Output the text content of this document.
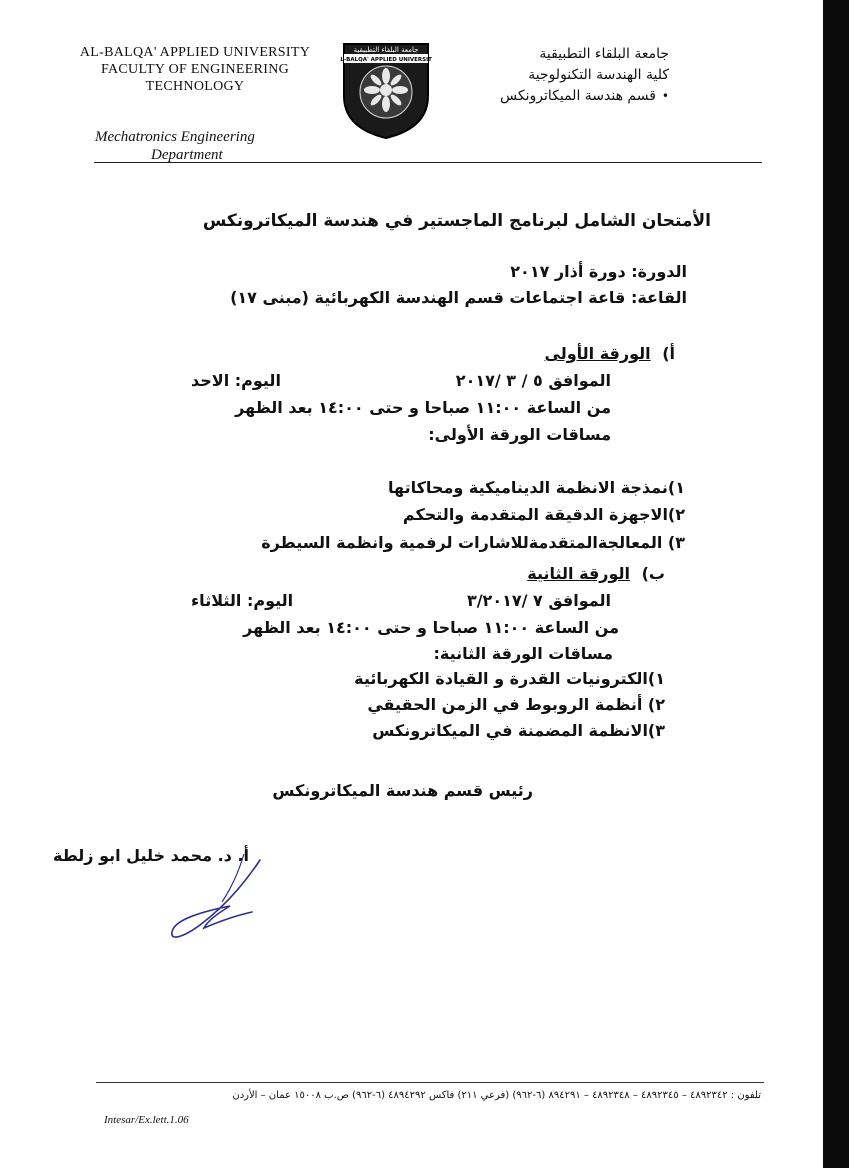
AL-BALQA' APPLIED UNIVERSITY
FACULTY OF ENGINEERING
TECHNOLOGY
Mechatronics Engineering
Department
جامعة البلقاء التطبيقية
AL-BALQA' APPLIED UNIVERSITY	جامعة البلقاء التطبيقية
كلية الهندسة التكنولوجية
• قسم هندسة الميكاترونكس
الأمتحان الشامل لبرنامج الماجستير في هندسة الميكاترونكس
الدورة: دورة أذار ٢٠١٧
القاعة: قاعة اجتماعات قسم الهندسة الكهربائية (مبنى ١٧)
أ) الورقة الأولى
اليوم: الاحد	الموافق ٥ / ٣ /٢٠١٧
من الساعة ١١:٠٠ صباحا و حتى ١٤:٠٠ بعد الظهر
مساقات الورقة الأولى:
١)نمذجة الانظمة الديناميكية ومحاكاتها
٢)الاجهزة الدقيقة المتقدمة والتحكم
٣) المعالجةالمتقدمةللاشارات لرفمية وانظمة السيطرة
ب) الورقة الثانية
اليوم: الثلاثاء	الموافق ٧ /٣/٢٠١٧
من الساعة ١١:٠٠ صباحا و حتى ١٤:٠٠ بعد الظهر
مساقات الورقة الثانية:
١)الكترونيات القدرة و القيادة الكهربائية
٢) أنظمة الروبوط في الزمن الحقيقي
٣)الانظمة المضمنة في الميكاترونكس
رئيس قسم هندسة الميكاترونكس
أ. د. محمد خليل ابو زلطة
تلفون : ٤٨٩٢٣٤٢ – ٤٨٩٢٣٤٥ – ٤٨٩٢٣٤٨ – ٨٩٤٢٩١ (٦-٩٦٢) (فرعي ٢١١) فاكس ٤٨٩٤٢٩٢ (٦-٩٦٢) ص.ب ١٥٠٠٨ عمان – الأردن
Intesar/Ex.lett.1.06
